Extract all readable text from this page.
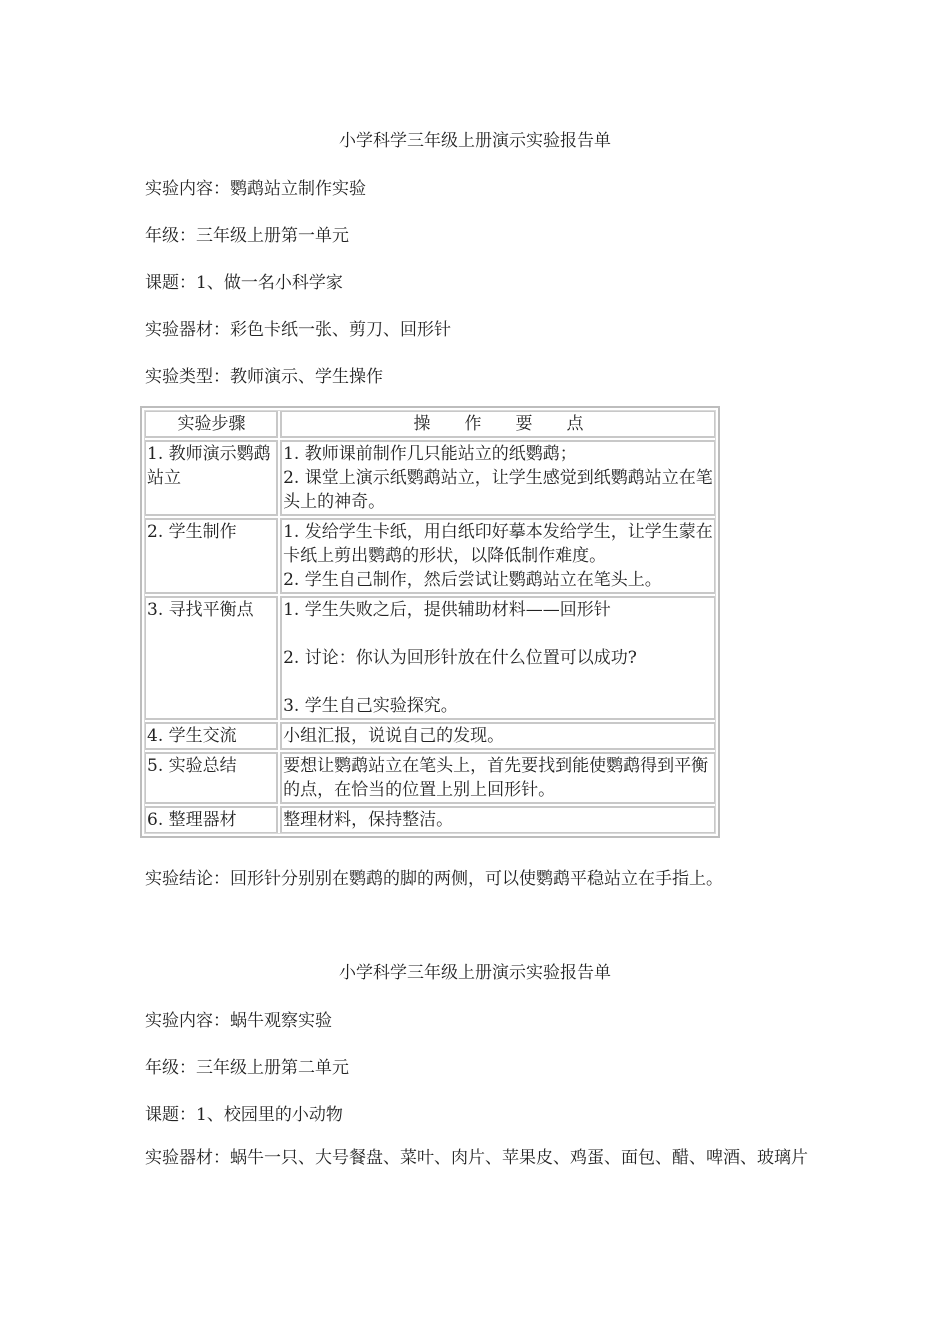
小学科学三年级上册演示实验报告单
实验内容：鹦鹉站立制作实验
年级：三年级上册第一单元
课题：1、做一名小科学家
实验器材：彩色卡纸一张、剪刀、回形针
实验类型：教师演示、学生操作
实验步骤	操　　作　　要　　点
1. 教师演示鹦鹉站立	1. 教师课前制作几只能站立的纸鹦鹉；
2. 课堂上演示纸鹦鹉站立，让学生感觉到纸鹦鹉站立在笔头上的神奇。

2. 学生制作	1. 发给学生卡纸，用白纸印好摹本发给学生，让学生蒙在卡纸上剪出鹦鹉的形状，以降低制作难度。
2. 学生自己制作，然后尝试让鹦鹉站立在笔头上。

3. 寻找平衡点	1. 学生失败之后，提供辅助材料——回形针
2. 讨论：你认为回形针放在什么位置可以成功?
3. 学生自己实验探究。

4. 学生交流	小组汇报，说说自己的发现。

5. 实验总结	要想让鹦鹉站立在笔头上，首先要找到能使鹦鹉得到平衡的点，在恰当的位置上别上回形针。

6. 整理器材	整理材料，保持整洁。
实验结论：回形针分别别在鹦鹉的脚的两侧，可以使鹦鹉平稳站立在手指上。
小学科学三年级上册演示实验报告单
实验内容：蜗牛观察实验
年级：三年级上册第二单元
课题：1、校园里的小动物
实验器材：蜗牛一只、大号餐盘、菜叶、肉片、苹果皮、鸡蛋、面包、醋、啤酒、玻璃片
